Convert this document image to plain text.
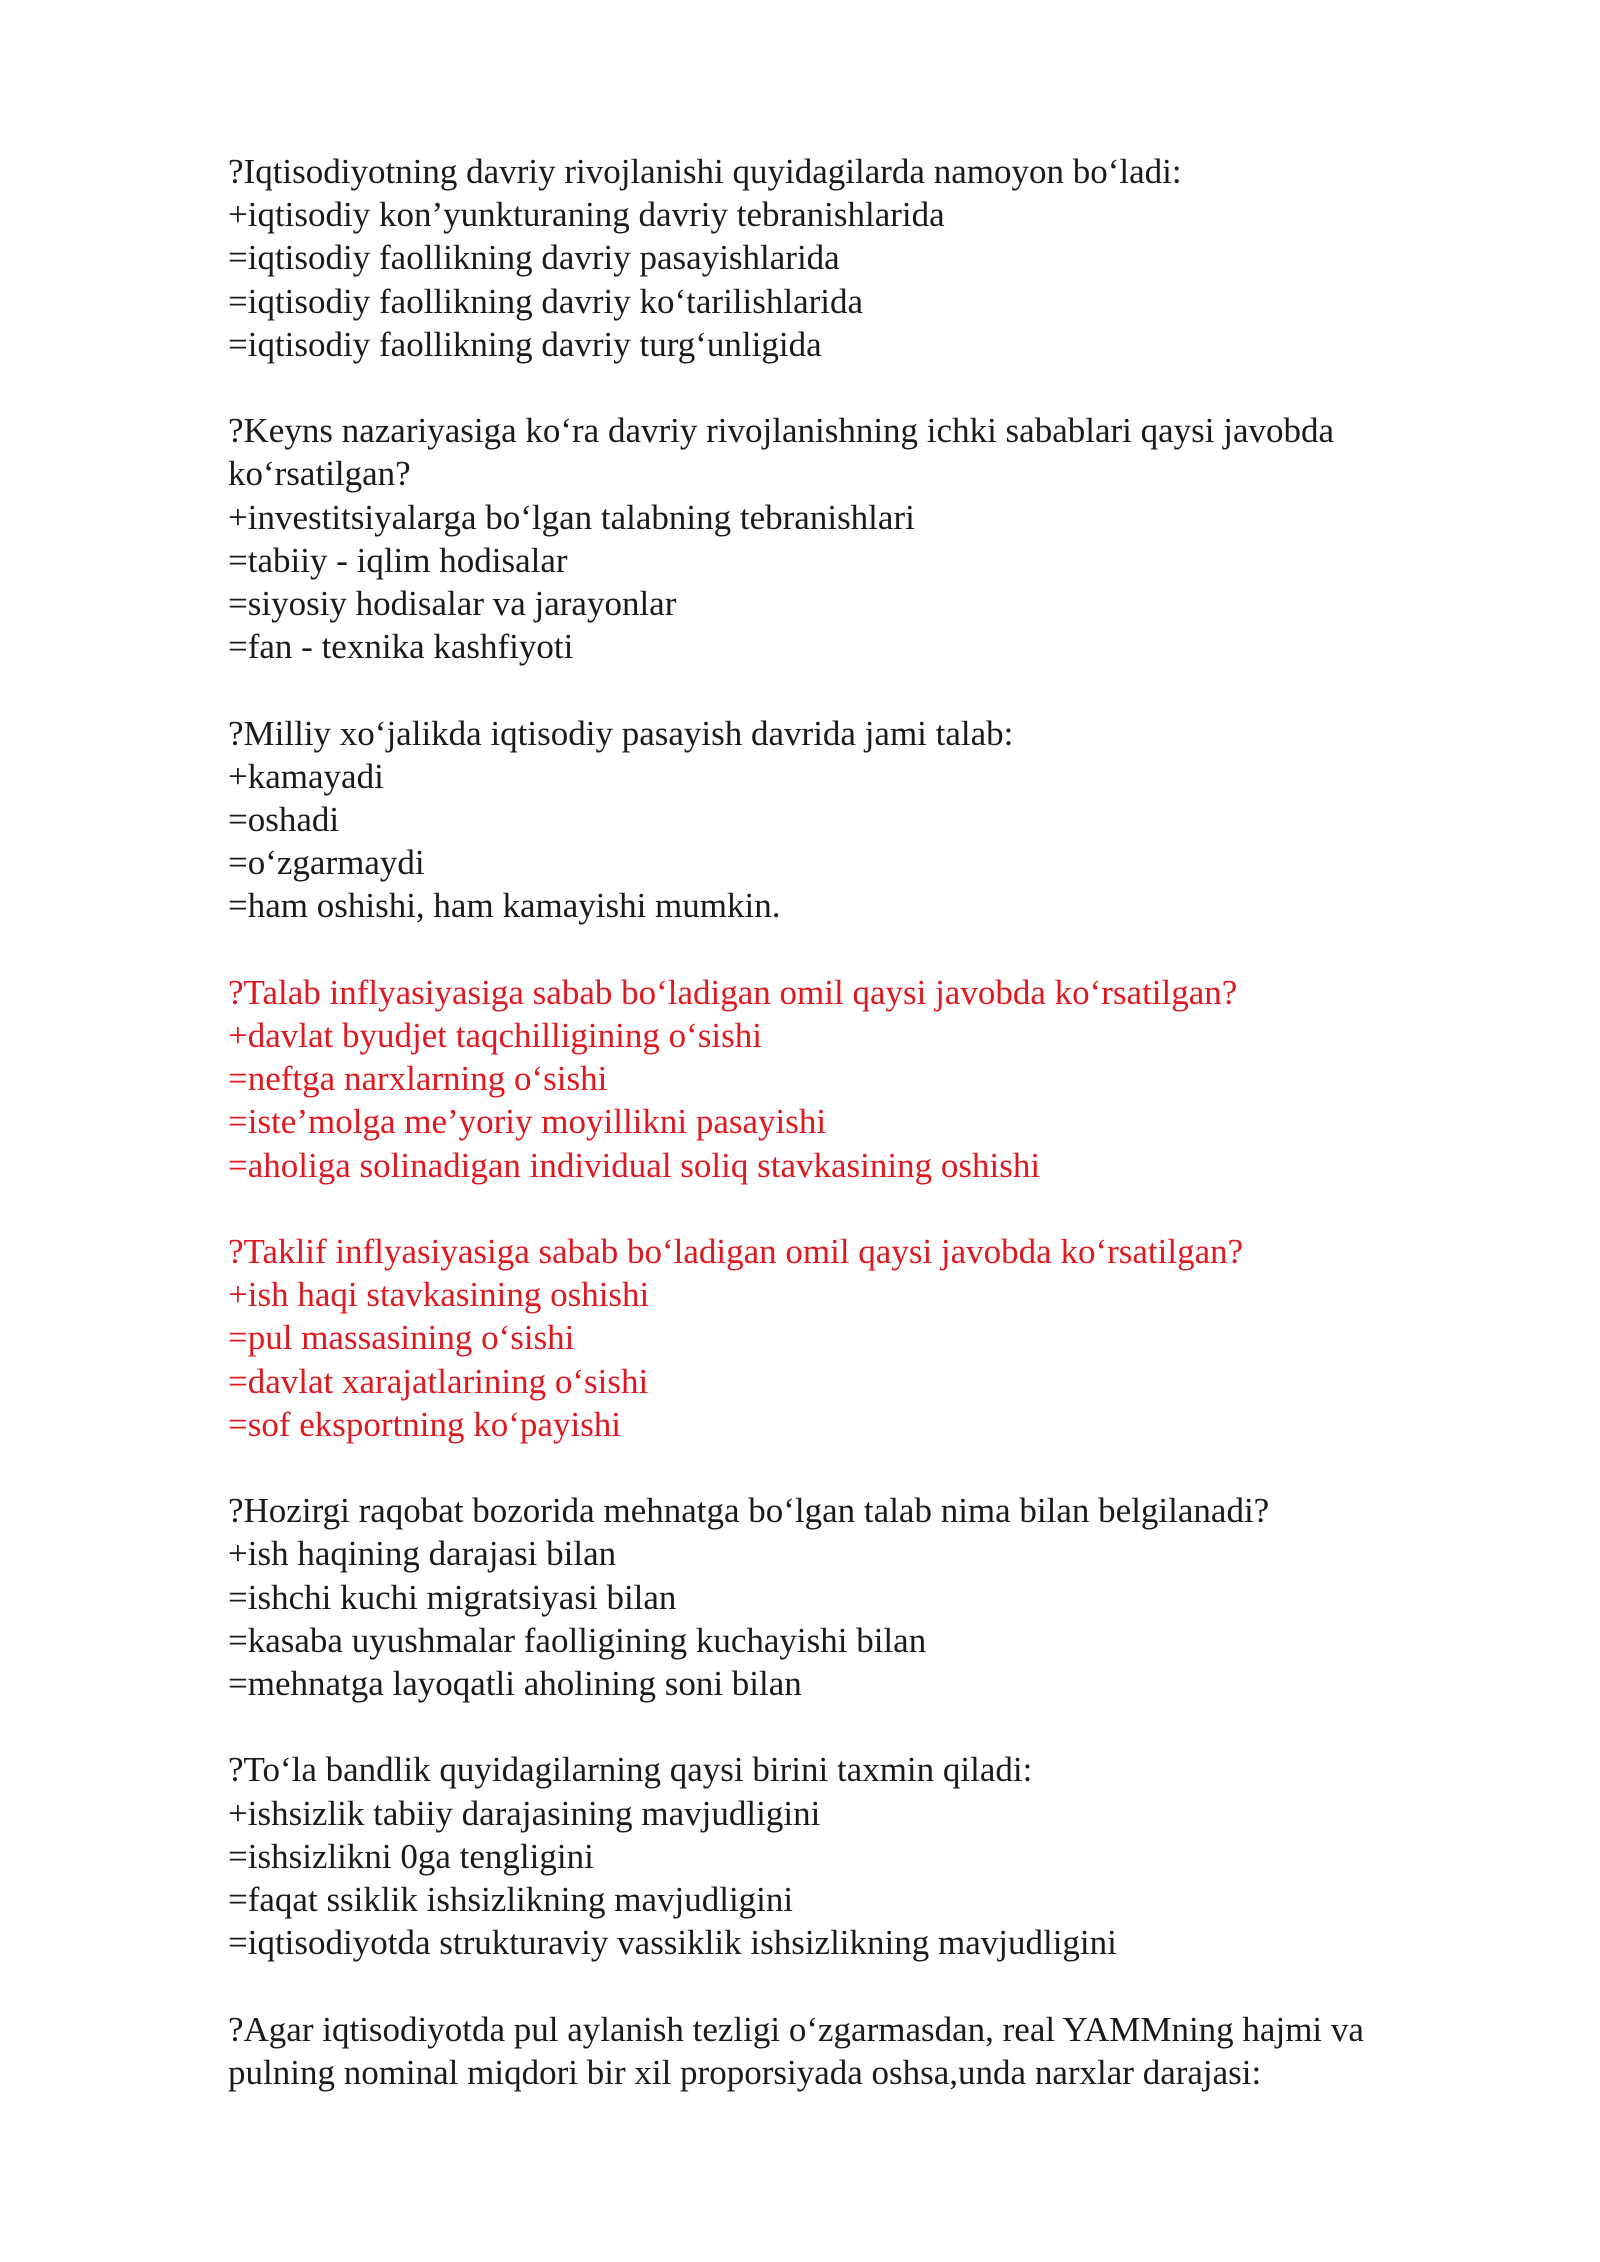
?Iqtisodiyotning davriy rivojlanishi quyidagilarda namoyon bo‘ladi:
+iqtisodiy kon’yunkturaning davriy tebranishlarida
=iqtisodiy faollikning davriy pasayishlarida
=iqtisodiy faollikning davriy ko‘tarilishlarida
=iqtisodiy faollikning davriy turg‘unligida
?Keyns nazariyasiga ko‘ra davriy rivojlanishning ichki sabablari qaysi javobda
ko‘rsatilgan?
+investitsiyalarga bo‘lgan talabning tebranishlari
=tabiiy - iqlim hodisalar
=siyosiy hodisalar va jarayonlar
=fan - texnika kashfiyoti
?Milliy xo‘jalikda iqtisodiy pasayish davrida jami talab:
+kamayadi
=oshadi
=o‘zgarmaydi
=ham oshishi, ham kamayishi mumkin.
?Talab inflyasiyasiga sabab bo‘ladigan omil qaysi javobda ko‘rsatilgan?
+davlat byudjet taqchilligining o‘sishi
=neftga narxlarning o‘sishi
=iste’molga me’yoriy moyillikni pasayishi
=aholiga solinadigan individual soliq stavkasining oshishi
?Taklif inflyasiyasiga sabab bo‘ladigan omil qaysi javobda ko‘rsatilgan?
+ish haqi stavkasining oshishi
=pul massasining o‘sishi
=davlat xarajatlarining o‘sishi
=sof eksportning ko‘payishi
?Hozirgi raqobat bozorida mehnatga bo‘lgan talab nima bilan belgilanadi?
+ish haqining darajasi bilan
=ishchi kuchi migratsiyasi bilan
=kasaba uyushmalar faolligining kuchayishi bilan
=mehnatga layoqatli aholining soni bilan
?To‘la bandlik quyidagilarning qaysi birini taxmin qiladi:
+ishsizlik tabiiy darajasining mavjudligini
=ishsizlikni 0ga tengligini
=faqat ssiklik ishsizlikning mavjudligini
=iqtisodiyotda strukturaviy vassiklik ishsizlikning mavjudligini
?Agar iqtisodiyotda pul aylanish tezligi o‘zgarmasdan, real YAMMning hajmi va
pulning nominal miqdori bir xil proporsiyada oshsa,unda narxlar darajasi:
